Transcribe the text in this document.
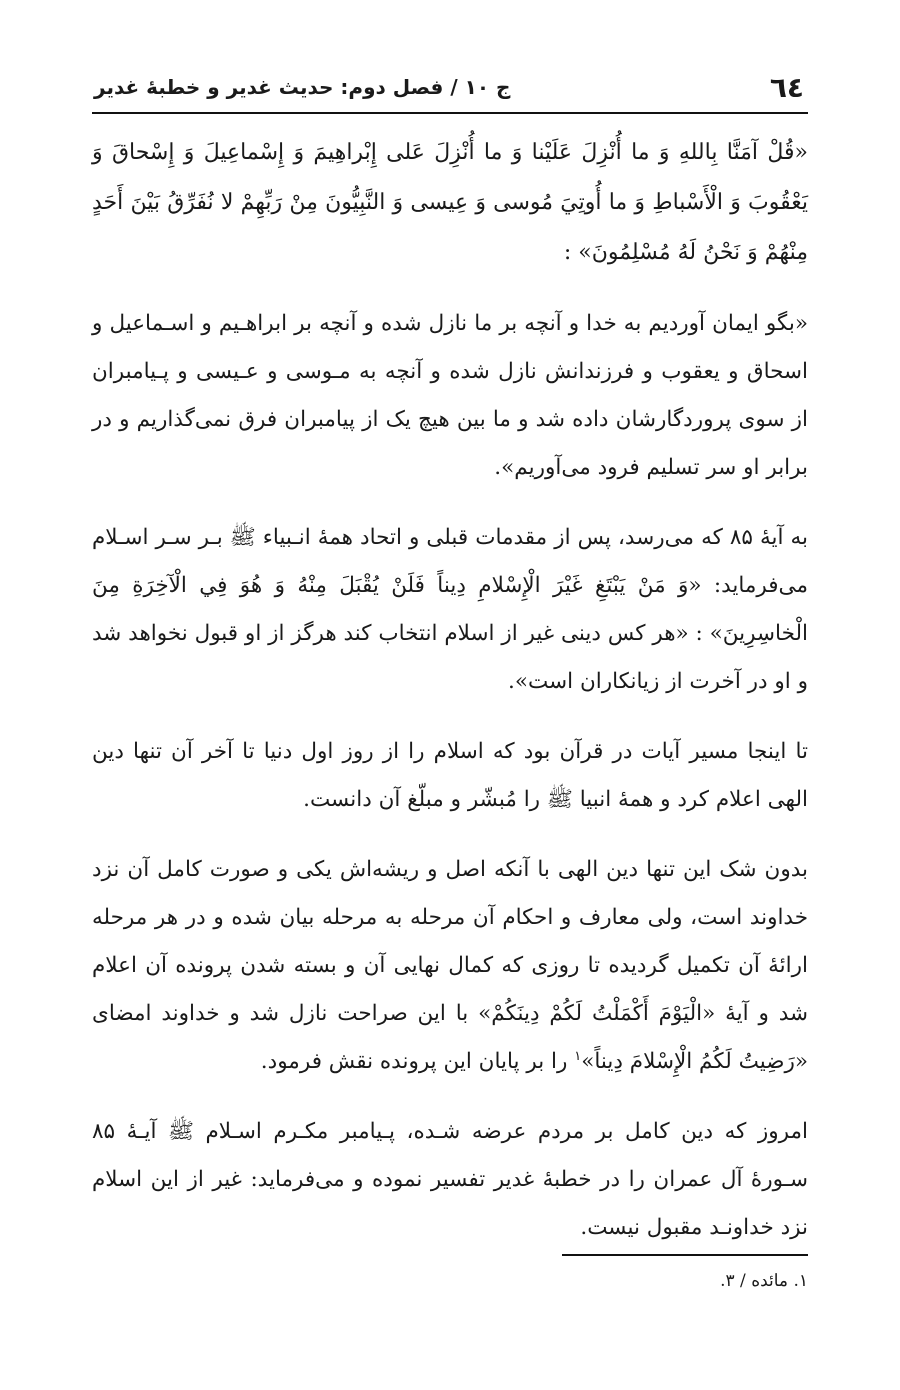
٦٤
ج ۱۰ / فصل دوم: حدیث غدیر و خطبهٔ غدیر

«قُلْ آمَنَّا بِاللهِ وَ ما أُنْزِلَ عَلَيْنا وَ ما أُنْزِلَ عَلى إِبْراهِيمَ وَ إِسْماعِيلَ وَ إِسْحاقَ وَ يَعْقُوبَ وَ الْأَسْباطِ وَ ما أُوتِيَ مُوسى وَ عِيسى وَ النَّبِيُّونَ مِنْ رَبِّهِمْ لا نُفَرِّقُ بَيْنَ أَحَدٍ مِنْهُمْ وَ نَحْنُ لَهُ مُسْلِمُونَ» :

«بگو ایمان آوردیم به خدا و آنچه بر ما نازل شده و آنچه بر ابراهـیم و اسـماعیل و اسحاق و یعقوب و فرزندانش نازل شده و آنچه به مـوسی و عـیسی و پـیامبران از سوی پروردگارشان داده شد و ما بین هیچ یک از پیامبران فرق نمی‌گذاریم و در برابر او سر تسلیم فرود می‌آوریم».

به آیهٔ ۸۵ که می‌رسد، پس از مقدمات قبلی و اتحاد همهٔ انـبیاء ﷺ بـر سـر اسـلام می‌فرماید: «وَ مَنْ يَبْتَغِ غَيْرَ الْإِسْلامِ دِيناً فَلَنْ يُقْبَلَ مِنْهُ وَ هُوَ فِي الْآخِرَةِ مِنَ الْخاسِرِينَ» : «هر کس دینی غیر از اسلام انتخاب کند هرگز از او قبول نخواهد شد و او در آخرت از زیانکاران است».

تا اینجا مسیر آیات در قرآن بود که اسلام را از روز اول دنیا تا آخر آن تنها دین الهی اعلام کرد و همهٔ انبیا ﷺ را مُبشّر و مبلّغ آن دانست.

بدون شک این تنها دین الهی با آنکه اصل و ریشه‌اش یکی و صورت کامل آن نزد خداوند است، ولی معارف و احکام آن مرحله به مرحله بیان شده و در هر مرحله ارائهٔ آن تکمیل گردیده تا روزی که کمال نهایی آن و بسته شدن پرونده آن اعلام شد و آیهٔ «الْيَوْمَ أَكْمَلْتُ لَكُمْ دِينَكُمْ» با این صراحت نازل شد و خداوند امضای «رَضِيتُ لَكُمُ الْإِسْلامَ دِيناً»$^۱$ را بر پایان این پرونده نقش فرمود.

امروز که دین کامل بر مردم عرضه شـده، پـیامبر مکـرم اسـلام ﷺ آیـهٔ ۸۵ سـورهٔ آل عمران را در خطبهٔ غدیر تفسیر نموده و می‌فرماید: غیر از این اسلام نزد خداونـد مقبول نیست.

۱. مائده / ۳.
